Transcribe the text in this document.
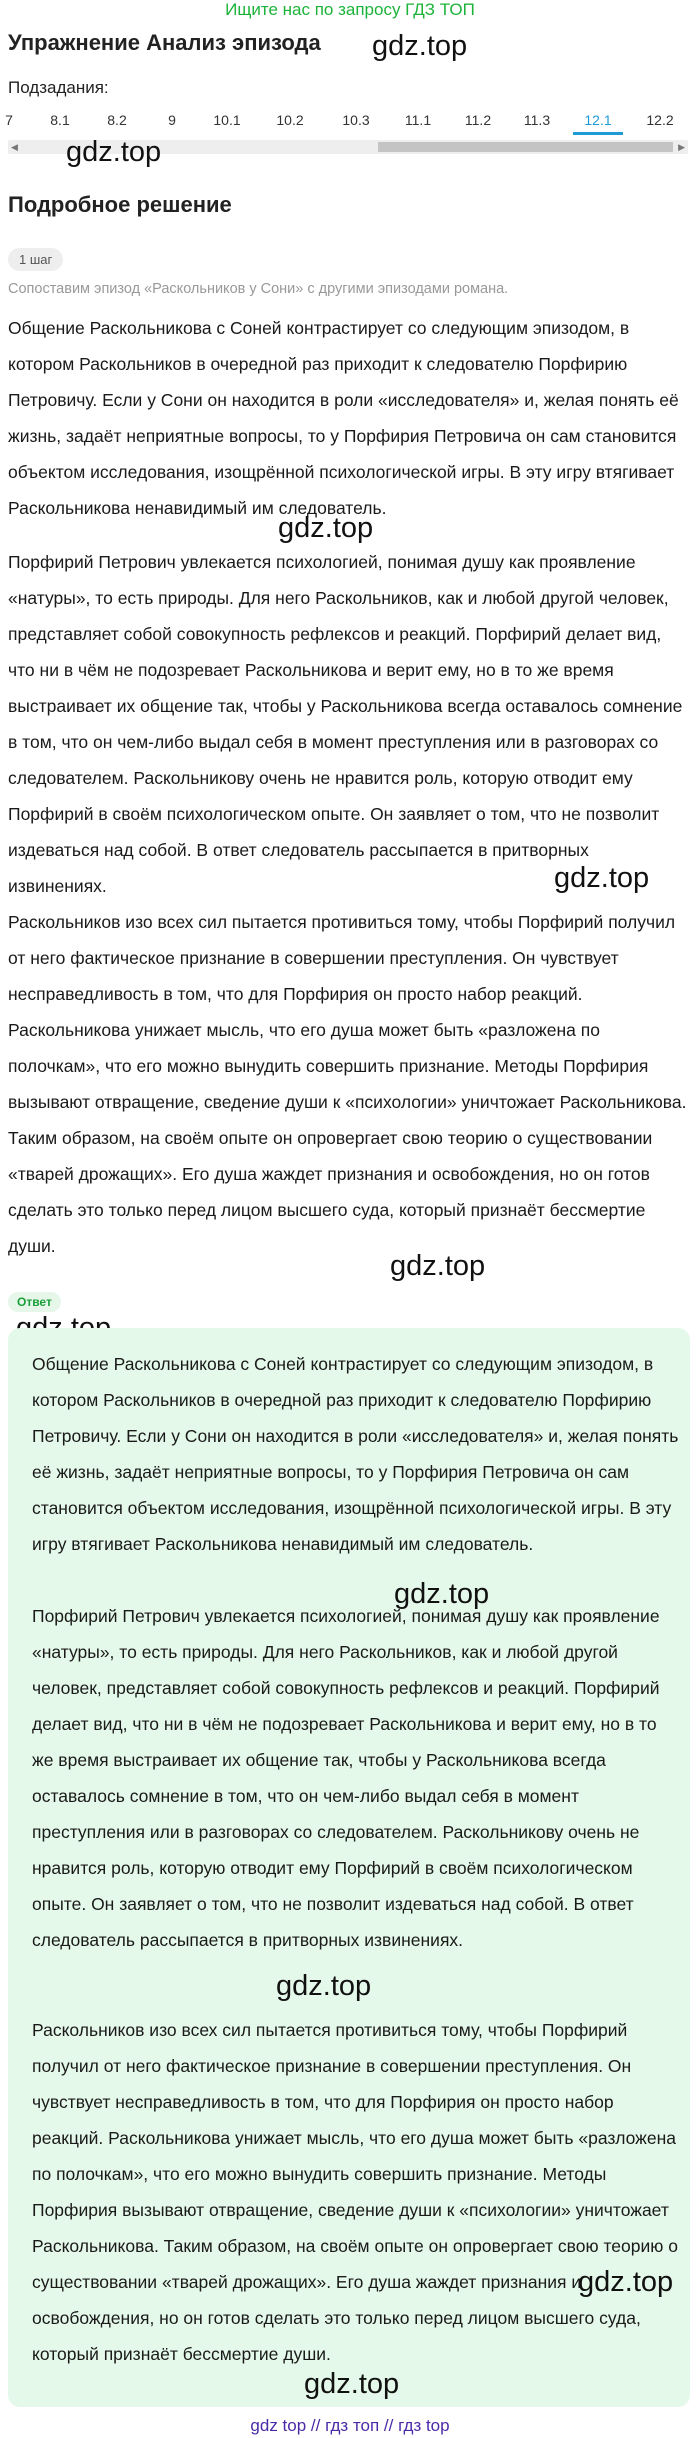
Ищите нас по запросу ГДЗ ТОП
Упражнение Анализ эпизода gdz.top
Подзадания:
7	8.1	8.2	9	10.1	10.2	10.3	11.1	11.2	11.3	12.1	12.2
◀	▶
gdz.top
Подробное решение
1 шаг
Сопоставим эпизод «Раскольников у Сони» с другими эпизодами романа.

Общение Раскольникова с Соней контрастирует со следующим эпизодом, в котором Раскольников в очередной раз приходит к следователю Порфирию Петровичу. Если у Сони он находится в роли «исследователя» и, желая понять её жизнь, задаёт неприятные вопросы, то у Порфирия Петровича он сам становится объектом исследования, изощрённой психологической игры. В эту игру втягивает Раскольникова ненавидимый им следователь.

gdz.top

Порфирий Петрович увлекается психологией, понимая душу как проявление «натуры», то есть природы. Для него Раскольников, как и любой другой человек, представляет собой совокупность рефлексов и реакций. Порфирий делает вид, что ни в чём не подозревает Раскольникова и верит ему, но в то же время выстраивает их общение так, чтобы у Раскольникова всегда оставалось сомнение в том, что он чем-либо выдал себя в момент преступления или в разговорах со следователем. Раскольникову очень не нравится роль, которую отводит ему Порфирий в своём психологическом опыте. Он заявляет о том, что не позволит издеваться над собой. В ответ следователь рассыпается в притворных извинениях.	gdz.top

Раскольников изо всех сил пытается противиться тому, чтобы Порфирий получил от него фактическое признание в совершении преступления. Он чувствует несправедливость в том, что для Порфирия он просто набор реакций. Раскольникова унижает мысль, что его душа может быть «разложена по полочкам», что его можно вынудить совершить признание. Методы Порфирия вызывают отвращение, сведение души к «психологии» уничтожает Раскольникова. Таким образом, на своём опыте он опровергает свою теорию о существовании «тварей дрожащих». Его душа жаждет признания и освобождения, но он готов сделать это только перед лицом высшего суда, который признаёт бессмертие души.

gdz.top
Ответ

Общение Раскольникова с Соней контрастирует со следующим эпизодом, в котором Раскольников в очередной раз приходит к следователю Порфирию Петровичу. Если у Сони он находится в роли «исследователя» и, желая понять её жизнь, задаёт неприятные вопросы, то у Порфирия Петровича он сам становится объектом исследования, изощрённой психологической игры. В эту игру втягивает Раскольникова ненавидимый им следователь.

gdz.top

Порфирий Петрович увлекается психологией, понимая душу как проявление «натуры», то есть природы. Для него Раскольников, как и любой другой человек, представляет собой совокупность рефлексов и реакций. Порфирий делает вид, что ни в чём не подозревает Раскольникова и верит ему, но в то же время выстраивает их общение так, чтобы у Раскольникова всегда оставалось сомнение в том, что он чем-либо выдал себя в момент преступления или в разговорах со следователем. Раскольникову очень не нравится роль, которую отводит ему Порфирий в своём психологическом опыте. Он заявляет о том, что не позволит издеваться над собой. В ответ следователь рассыпается в притворных извинениях.

gdz.top

Раскольников изо всех сил пытается противиться тому, чтобы Порфирий получил от него фактическое признание в совершении преступления. Он чувствует несправедливость в том, что для Порфирия он просто набор реакций. Раскольникова унижает мысль, что его душа может быть «разложена по полочкам», что его можно вынудить совершить признание. Методы Порфирия вызывают отвращение, сведение души к «психологии» уничтожает Раскольникова. Таким образом, на своём опыте он опровергает свою теорию о существовании «тварей дрожащих». Его душа жаждет признания и освобождения, но он готов сделать это только перед лицом высшего суда, который признаёт бессмертие души.

gdz.top
gdz.top
gdz top // гдз топ // гдз top
